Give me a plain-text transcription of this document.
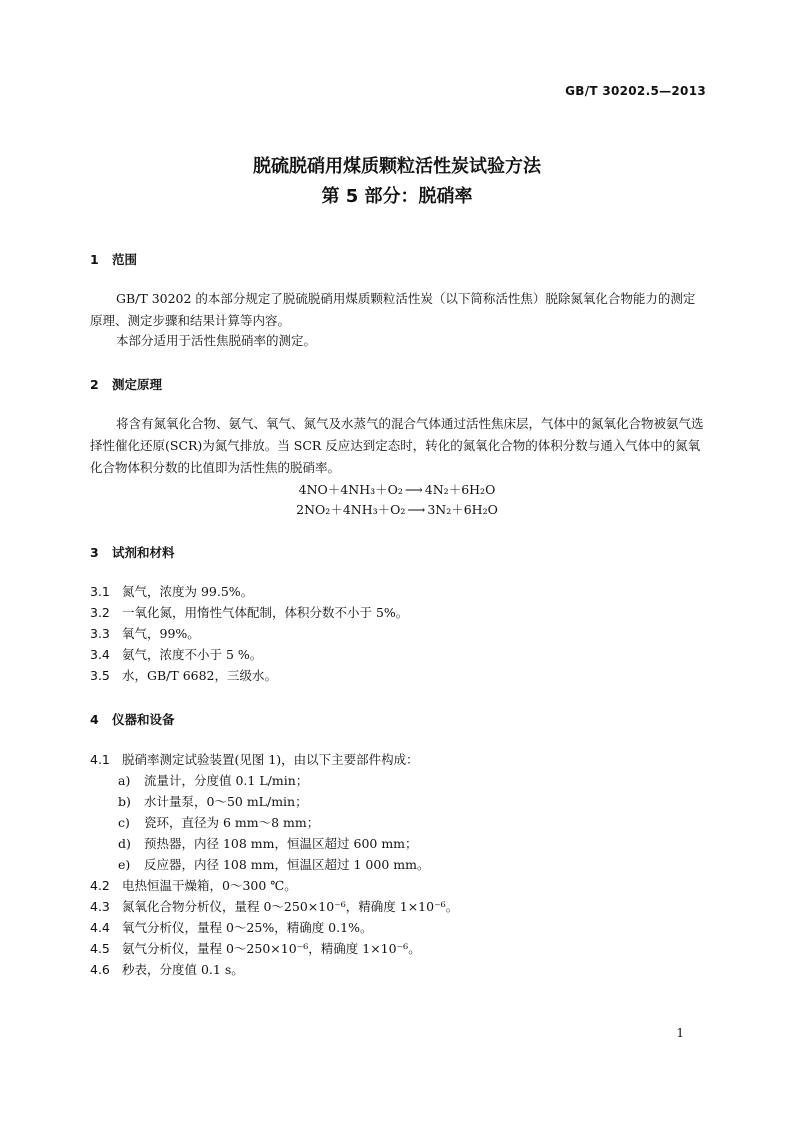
GB/T 30202.5—2013
脱硫脱硝用煤质颗粒活性炭试验方法
第 5 部分：脱硝率
1 范围
GB/T 30202 的本部分规定了脱硫脱硝用煤质颗粒活性炭（以下简称活性焦）脱除氮氧化合物能力的测定原理、测定步骤和结果计算等内容。
本部分适用于活性焦脱硝率的测定。
2 测定原理
将含有氮氧化合物、氨气、氧气、氮气及水蒸气的混合气体通过活性焦床层，气体中的氮氧化合物被氨气选择性催化还原(SCR)为氮气排放。当 SCR 反应达到定态时，转化的氮氧化合物的体积分数与通入气体中的氮氧化合物体积分数的比值即为活性焦的脱硝率。
4NO＋4NH₃＋O₂ ⟶ 4N₂＋6H₂O
2NO₂＋4NH₃＋O₂ ⟶ 3N₂＋6H₂O
3 试剂和材料
3.1 氮气，浓度为 99.5%。
3.2 一氧化氮，用惰性气体配制，体积分数不小于 5%。
3.3 氧气，99%。
3.4 氨气，浓度不小于 5 %。
3.5 水，GB/T 6682，三级水。
4 仪器和设备
4.1 脱硝率测定试验装置(见图 1)，由以下主要部件构成：
a) 流量计，分度值 0.1 L/min；
b) 水计量泵，0～50 mL/min；
c) 瓷环，直径为 6 mm～8 mm；
d) 预热器，内径 108 mm，恒温区超过 600 mm；
e) 反应器，内径 108 mm，恒温区超过 1 000 mm。
4.2 电热恒温干燥箱，0～300 ℃。
4.3 氮氧化合物分析仪，量程 0～250×10⁻⁶，精确度 1×10⁻⁶。
4.4 氧气分析仪，量程 0～25%，精确度 0.1%。
4.5 氨气分析仪，量程 0～250×10⁻⁶，精确度 1×10⁻⁶。
4.6 秒表，分度值 0.1 s。
1
